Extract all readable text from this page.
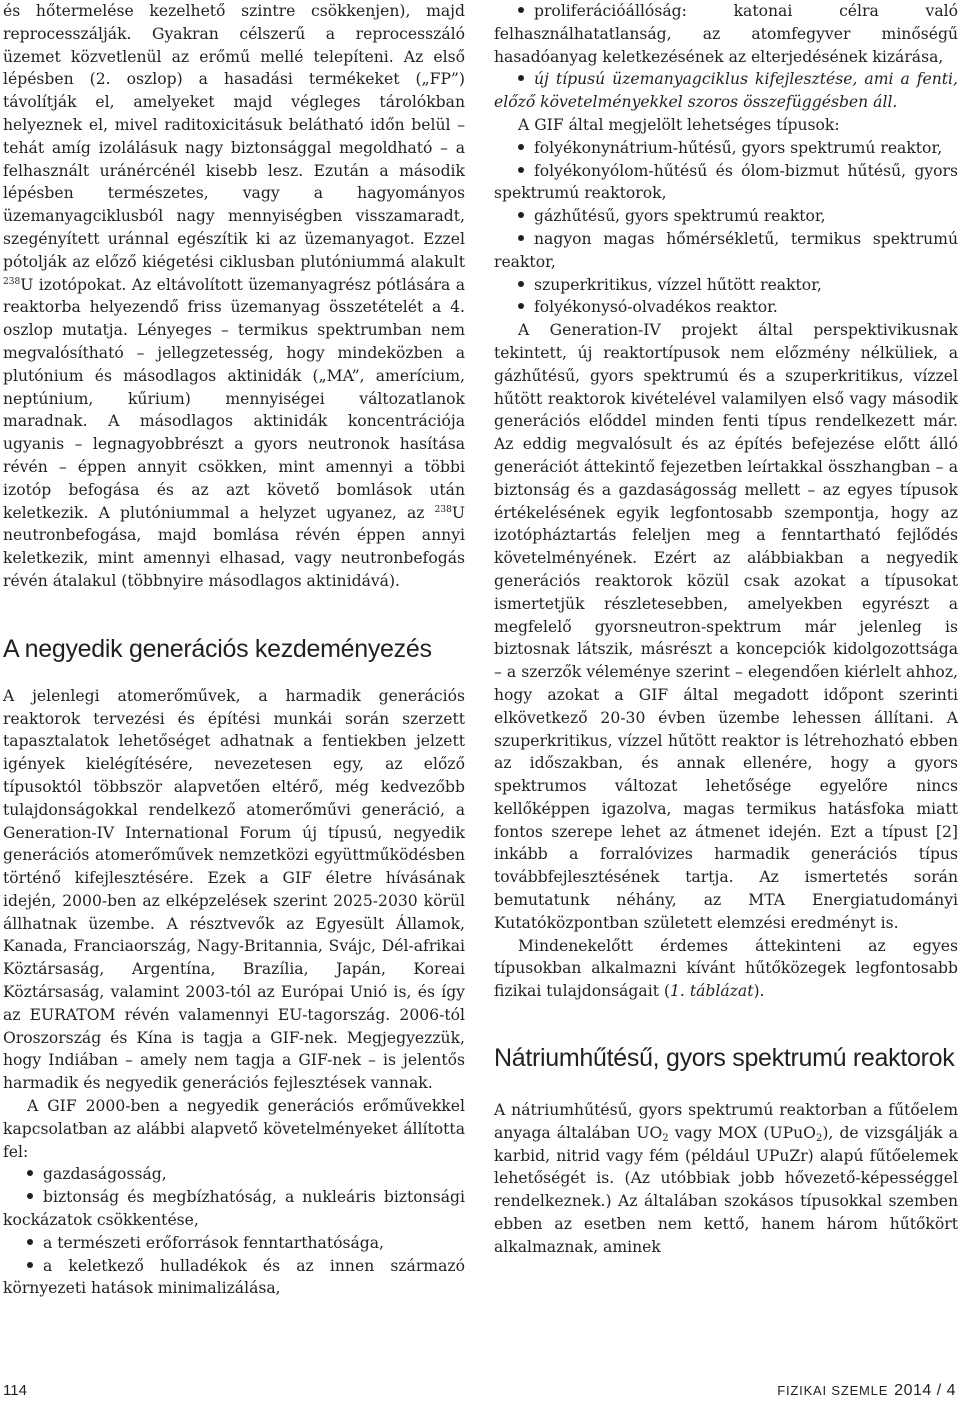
és hőtermelése kezelhető szintre csökkenjen), majd reprocesszálják. Gyakran célszerű a reprocesszáló üzemet közvetlenül az erőmű mellé telepíteni. Az első lépésben (2. oszlop) a hasadási termékeket („FP”) távolítják el, amelyeket majd végleges tárolókban helyeznek el, mivel raditoxicitásuk belátható időn belül – tehát amíg izolálásuk nagy biztonsággal megoldható – a felhasznált uránércénél kisebb lesz. Ezután a második lépésben természetes, vagy a hagyományos üzemanyagciklusból nagy mennyiségben visszamaradt, szegényített uránnal egészítik ki az üzemanyagot. Ezzel pótolják az előző kiégetési ciklusban plutóniummá alakult $^{238}$U izotópokat. Az eltávolított üzemanyagrész pótlására a reaktorba helyezendő friss üzemanyag összetételét a 4. oszlop mutatja. Lényeges – termikus spektrumban nem megvalósítható – jellegzetesség, hogy mindeközben a plutónium és másodlagos aktinidák („MA”, amerícium, neptúnium, kűrium) mennyiségei változatlanok maradnak. A másodlagos aktinidák koncentrációja ugyanis – legnagyobbrészt a gyors neutronok hasítása révén – éppen annyit csökken, mint amennyi a többi izotóp befogása és az azt követő bomlások után keletkezik. A plutóniummal a helyzet ugyanez, az $^{238}$U neutronbefogása, majd bomlása révén éppen annyi keletkezik, mint amennyi elhasad, vagy neutronbefogás révén átalakul (többnyire másodlagos aktinidává).

A negyedik generációs kezdeményezés

A jelenlegi atomerőművek, a harmadik generációs reaktorok tervezési és építési munkái során szerzett tapasztalatok lehetőséget adhatnak a fentiekben jelzett igények kielégítésére, nevezetesen egy, az előző típusoktól többször alapvetően eltérő, még kedvezőbb tulajdonságokkal rendelkező atomerőművi generáció, a Generation-IV International Forum új típusú, negyedik generációs atomerőművek nemzetközi együttműködésben történő kifejlesztésére. Ezek a GIF életre hívásának idején, 2000-ben az elképzelések szerint 2025-2030 körül állhatnak üzembe. A résztvevők az Egyesült Államok, Kanada, Franciaország, Nagy-Britannia, Svájc, Dél-afrikai Köztársaság, Argentína, Brazília, Japán, Koreai Köztársaság, valamint 2003-tól az Európai Unió is, és így az EURATOM révén valamennyi EU-tagország. 2006-tól Oroszország és Kína is tagja a GIF-nek. Megjegyezzük, hogy Indiában – amely nem tagja a GIF-nek – is jelentős harmadik és negyedik generációs fejlesztések vannak.

A GIF 2000-ben a negyedik generációs erőművekkel kapcsolatban az alábbi alapvető követelményeket állította fel:

gazdaságosság,
biztonság és megbízhatóság, a nukleáris biztonsági kockázatok csökkentése,
a természeti erőforrások fenntarthatósága,
a keletkező hulladékok és az innen származó környezeti hatások minimalizálása,
proliferációállóság: katonai célra való felhasználhatatlanság, az atomfegyver minőségű hasadóanyag keletkezésének az elterjedésének kizárása,
új típusú üzemanyagciklus kifejlesztése, ami a fenti, előző követelményekkel szoros összefüggésben áll.

A GIF által megjelölt lehetséges típusok:

folyékonynátrium-hűtésű, gyors spektrumú reaktor,
folyékonyólom-hűtésű és ólom-bizmut hűtésű, gyors spektrumú reaktorok,
gázhűtésű, gyors spektrumú reaktor,
nagyon magas hőmérsékletű, termikus spektrumú reaktor,
szuperkritikus, vízzel hűtött reaktor,
folyékonysó-olvadékos reaktor.

A Generation-IV projekt által perspektivikusnak tekintett, új reaktortípusok nem előzmény nélküliek, a gázhűtésű, gyors spektrumú és a szuperkritikus, vízzel hűtött reaktorok kivételével valamilyen első vagy második generációs előddel minden fenti típus rendelkezett már. Az eddig megvalósult és az építés befejezése előtt álló generációt áttekintő fejezetben leírtakkal összhangban – a biztonság és a gazdaságosság mellett – az egyes típusok értékelésének egyik legfontosabb szempontja, hogy az izotópháztartás feleljen meg a fenntartható fejlődés követelményének. Ezért az alábbiakban a negyedik generációs reaktorok közül csak azokat a típusokat ismertetjük részletesebben, amelyekben egyrészt a megfelelő gyorsneutron-spektrum már jelenleg is biztosnak látszik, másrészt a koncepciók kidolgozottsága – a szerzők véleménye szerint – elegendően kiérlelt ahhoz, hogy azokat a GIF által megadott időpont szerinti elkövetkező 20-30 évben üzembe lehessen állítani. A szuperkritikus, vízzel hűtött reaktor is létrehozható ebben az időszakban, és annak ellenére, hogy a gyors spektrumos változat lehetősége egyelőre nincs kellőképpen igazolva, magas termikus hatásfoka miatt fontos szerepe lehet az átmenet idején. Ezt a típust [2] inkább a forralóvizes harmadik generációs típus továbbfejlesztésének tartja. Az ismertetés során bemutatunk néhány, az MTA Energiatudományi Kutatóközpontban született elemzési eredményt is.

Mindenekelőtt érdemes áttekinteni az egyes típusokban alkalmazni kívánt hűtőközegek legfontosabb fizikai tulajdonságait (1. táblázat).

Nátriumhűtésű, gyors spektrumú reaktorok

A nátriumhűtésű, gyors spektrumú reaktorban a fűtőelem anyaga általában $UO_2$ vagy MOX (UPuO$_2$), de vizsgálják a karbid, nitrid vagy fém (például UPuZr) alapú fűtőelemek lehetőségét is. (Az utóbbiak jobb hővezető-képességgel rendelkeznek.) Az általában szokásos típusokkal szemben ebben az esetben nem kettő, hanem három hűtőkört alkalmaznak, aminek

114	FIZIKAI SZEMLE 2014 / 4
